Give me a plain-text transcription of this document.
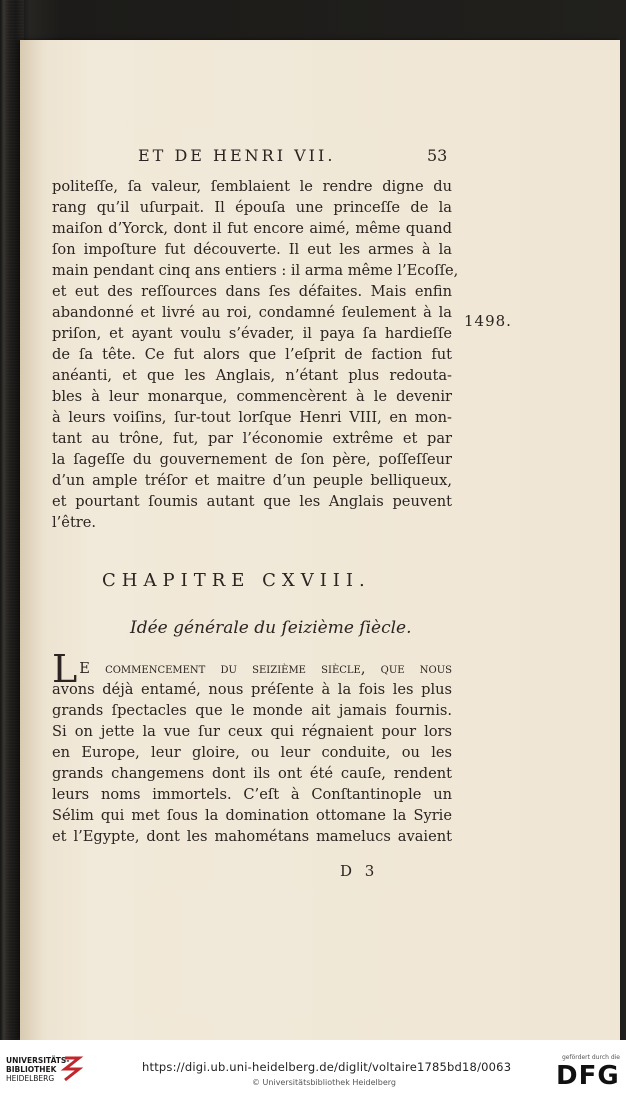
ET DE HENRI VII.	53
politeſſe, ſa valeur, ſemblaient le rendre digne du
rang qu’il uſurpait. Il épouſa une princeſſe de la
maiſon d’Yorck, dont il fut encore aimé, même quand
ſon impoſture fut découverte. Il eut les armes à la
main pendant cinq ans entiers : il arma même l’Ecoſſe,
et eut des reſſources dans ſes défaites. Mais enfin
abandonné et livré au roi, condamné ſeulement à la
priſon, et ayant voulu s’évader, il paya ſa hardieſſe
de ſa tête. Ce fut alors que l’eſprit de faction fut
anéanti, et que les Anglais, n’étant plus redouta-
bles à leur monarque, commencèrent à le devenir
à leurs voiſins, ſur-tout lorſque Henri VIII, en mon-
tant au trône, fut, par l’économie extrême et par
la ſageſſe du gouvernement de ſon père, poſſeſſeur
d’un ample tréſor et maitre d’un peuple belliqueux,
et pourtant ſoumis autant que les Anglais peuvent
l’être.
1498.
CHAPITRE CXVIII.
Idée générale du ſeizième ſiècle.
L E commencement du ſeizième ſiècle, que nous
avons déjà entamé, nous préſente à la fois les plus
grands ſpectacles que le monde ait jamais fournis.
Si on jette la vue ſur ceux qui régnaient pour lors
en Europe, leur gloire, ou leur conduite, ou les
grands changemens dont ils ont été cauſe, rendent
leurs noms immortels. C’eſt à Conſtantinople un
Sélim qui met ſous la domination ottomane la Syrie
et l’Egypte, dont les mahométans mamelucs avaient
D 3
UNIVERSITÄTS-
BIBLIOTHEK
HEIDELBERG
https://digi.ub.uni-heidelberg.de/diglit/voltaire1785bd18/0063
© Universitätsbibliothek Heidelberg
gefördert durch die
DFG
